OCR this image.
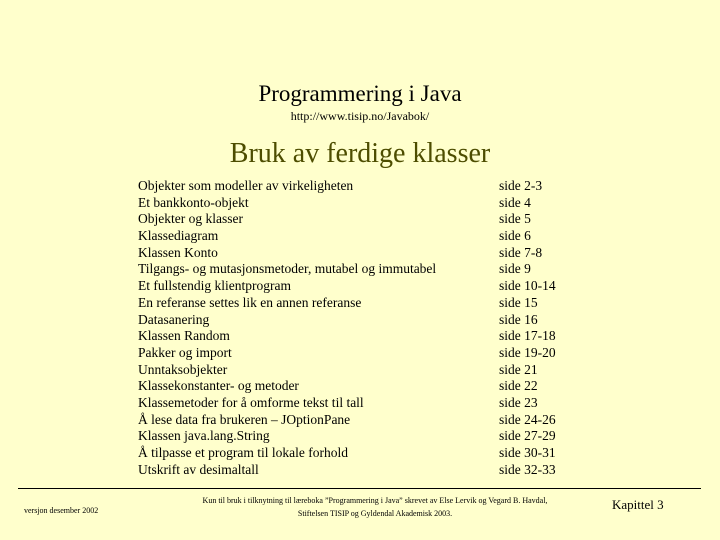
Programmering i Java
http://www.tisip.no/Javabok/
Bruk av ferdige klasser
Objekter som modeller av virkeligheten	side 2-3
Et bankkonto-objekt	side 4
Objekter og klasser	side 5
Klassediagram	side 6
Klassen Konto	side 7-8
Tilgangs- og mutasjonsmetoder, mutabel og immutabel	side 9
Et fullstendig klientprogram	side 10-14
En referanse settes lik en annen referanse	side 15
Datasanering	side 16
Klassen Random	side 17-18
Pakker og import	side 19-20
Unntaksobjekter	side 21
Klassekonstanter- og metoder	side 22
Klassemetoder for å omforme tekst til tall	side 23
Å lese data fra brukeren – JOptionPane	side 24-26
Klassen java.lang.String	side 27-29
Å tilpasse et program til lokale forhold	side 30-31
Utskrift av desimaltall	side 32-33
versjon desember 2002
Kun til bruk i tilknytning til læreboka ”Programmering i Java” skrevet av Else Lervik og Vegard B. Havdal,
Stiftelsen TISIP og Gyldendal Akademisk 2003.
Kapittel 3
